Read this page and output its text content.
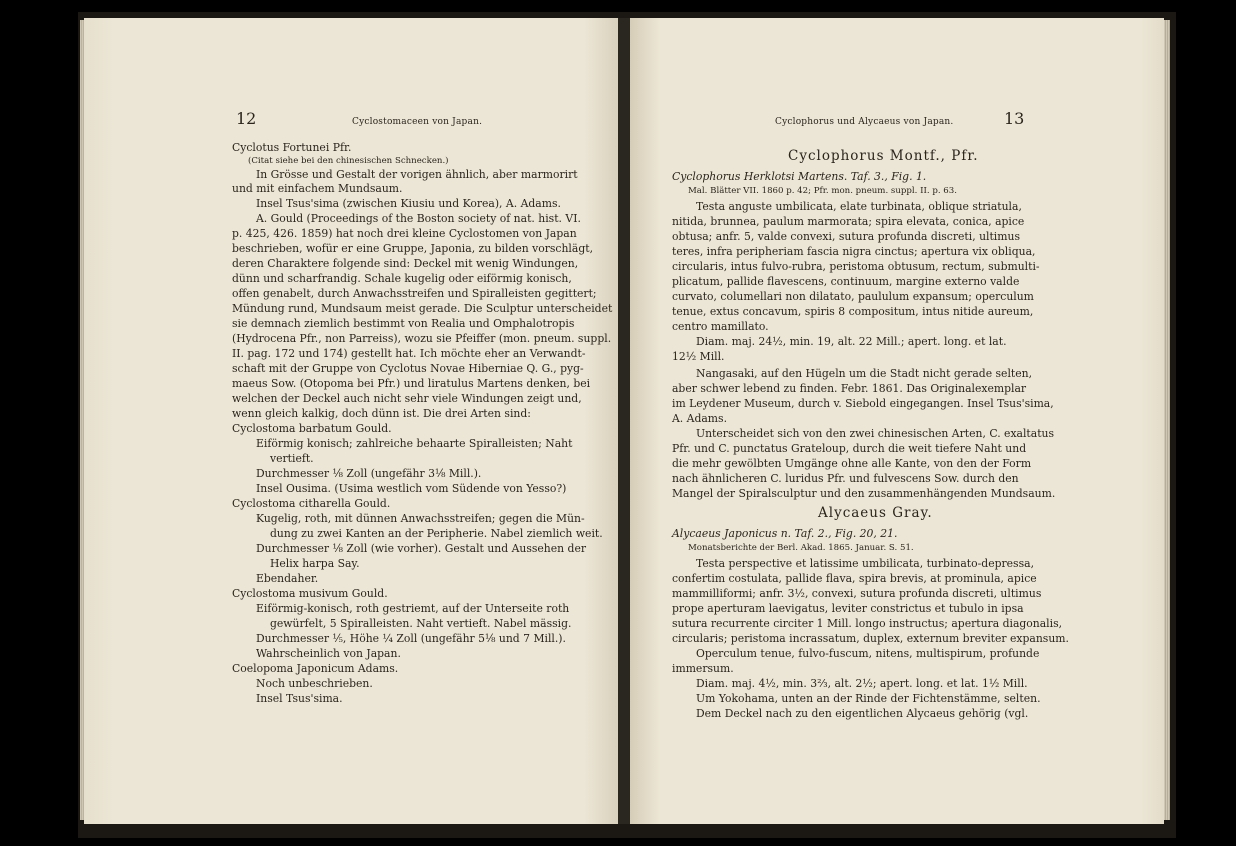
12	Cyclostomaceen von Japan.
Cyclotus Fortunei Pfr.
(Citat siehe bei den chinesischen Schnecken.)
In Grösse und Gestalt der vorigen ähnlich, aber marmorirt
und mit einfachem Mundsaum.
Insel Tsus'sima (zwischen Kiusiu und Korea), A. Adams.
A. Gould (Proceedings of the Boston society of nat. hist. VI.
p. 425, 426. 1859) hat noch drei kleine Cyclostomen von Japan
beschrieben, wofür er eine Gruppe, Japonia, zu bilden vorschlägt,
deren Charaktere folgende sind: Deckel mit wenig Windungen,
dünn und scharfrandig. Schale kugelig oder eiförmig konisch,
offen genabelt, durch Anwachsstreifen und Spiralleisten gegittert;
Mündung rund, Mundsaum meist gerade. Die Sculptur unterscheidet
sie demnach ziemlich bestimmt von Realia und Omphalotropis
(Hydrocena Pfr., non Parreiss), wozu sie Pfeiffer (mon. pneum. suppl.
II. pag. 172 und 174) gestellt hat. Ich möchte eher an Verwandt-
schaft mit der Gruppe von Cyclotus Novae Hiberniae Q. G., pyg-
maeus Sow. (Otopoma bei Pfr.) und liratulus Martens denken, bei
welchen der Deckel auch nicht sehr viele Windungen zeigt und,
wenn gleich kalkig, doch dünn ist. Die drei Arten sind:
Cyclostoma barbatum Gould.
Eiförmig konisch; zahlreiche behaarte Spiralleisten; Naht
vertieft.
Durchmesser ⅛ Zoll (ungefähr 3⅛ Mill.).
Insel Ousima. (Usima westlich vom Südende von Yesso?)
Cyclostoma citharella Gould.
Kugelig, roth, mit dünnen Anwachsstreifen; gegen die Mün-
dung zu zwei Kanten an der Peripherie. Nabel ziemlich weit.
Durchmesser ⅛ Zoll (wie vorher). Gestalt und Aussehen der
Helix harpa Say.
Ebendaher.
Cyclostoma musivum Gould.
Eiförmig-konisch, roth gestriemt, auf der Unterseite roth
gewürfelt, 5 Spiralleisten. Naht vertieft. Nabel mässig.
Durchmesser ⅕, Höhe ¼ Zoll (ungefähr 5⅛ und 7 Mill.).
Wahrscheinlich von Japan.
Coelopoma Japonicum Adams.
Noch unbeschrieben.
Insel Tsus'sima.
Cyclophorus und Alycaeus von Japan.	13
Cyclophorus Montf., Pfr.
Cyclophorus Herklotsi Martens. Taf. 3., Fig. 1.
Mal. Blätter VII. 1860 p. 42; Pfr. mon. pneum. suppl. II. p. 63.
Testa anguste umbilicata, elate turbinata, oblique striatula,
nitida, brunnea, paulum marmorata; spira elevata, conica, apice
obtusa; anfr. 5, valde convexi, sutura profunda discreti, ultimus
teres, infra peripheriam fascia nigra cinctus; apertura vix obliqua,
circularis, intus fulvo-rubra, peristoma obtusum, rectum, submulti-
plicatum, pallide flavescens, continuum, margine externo valde
curvato, columellari non dilatato, paululum expansum; operculum
tenue, extus concavum, spiris 8 compositum, intus nitide aureum,
centro mamillato.
Diam. maj. 24½, min. 19, alt. 22 Mill.; apert. long. et lat.
12½ Mill.
Nangasaki, auf den Hügeln um die Stadt nicht gerade selten,
aber schwer lebend zu finden. Febr. 1861. Das Originalexemplar
im Leydener Museum, durch v. Siebold eingegangen. Insel Tsus'sima,
A. Adams.
Unterscheidet sich von den zwei chinesischen Arten, C. exaltatus
Pfr. und C. punctatus Grateloup, durch die weit tiefere Naht und
die mehr gewölbten Umgänge ohne alle Kante, von den der Form
nach ähnlicheren C. luridus Pfr. und fulvescens Sow. durch den
Mangel der Spiralsculptur und den zusammenhängenden Mundsaum.
Alycaeus Gray.
Alycaeus Japonicus n. Taf. 2., Fig. 20, 21.
Monatsberichte der Berl. Akad. 1865. Januar. S. 51.
Testa perspective et latissime umbilicata, turbinato-depressa,
confertim costulata, pallide flava, spira brevis, at prominula, apice
mammilliformi; anfr. 3½, convexi, sutura profunda discreti, ultimus
prope aperturam laevigatus, leviter constrictus et tubulo in ipsa
sutura recurrente circiter 1 Mill. longo instructus; apertura diagonalis,
circularis; peristoma incrassatum, duplex, externum breviter expansum.
Operculum tenue, fulvo-fuscum, nitens, multispirum, profunde
immersum.
Diam. maj. 4½, min. 3⅔, alt. 2½; apert. long. et lat. 1½ Mill.
Um Yokohama, unten an der Rinde der Fichtenstämme, selten.
Dem Deckel nach zu den eigentlichen Alycaeus gehörig (vgl.
